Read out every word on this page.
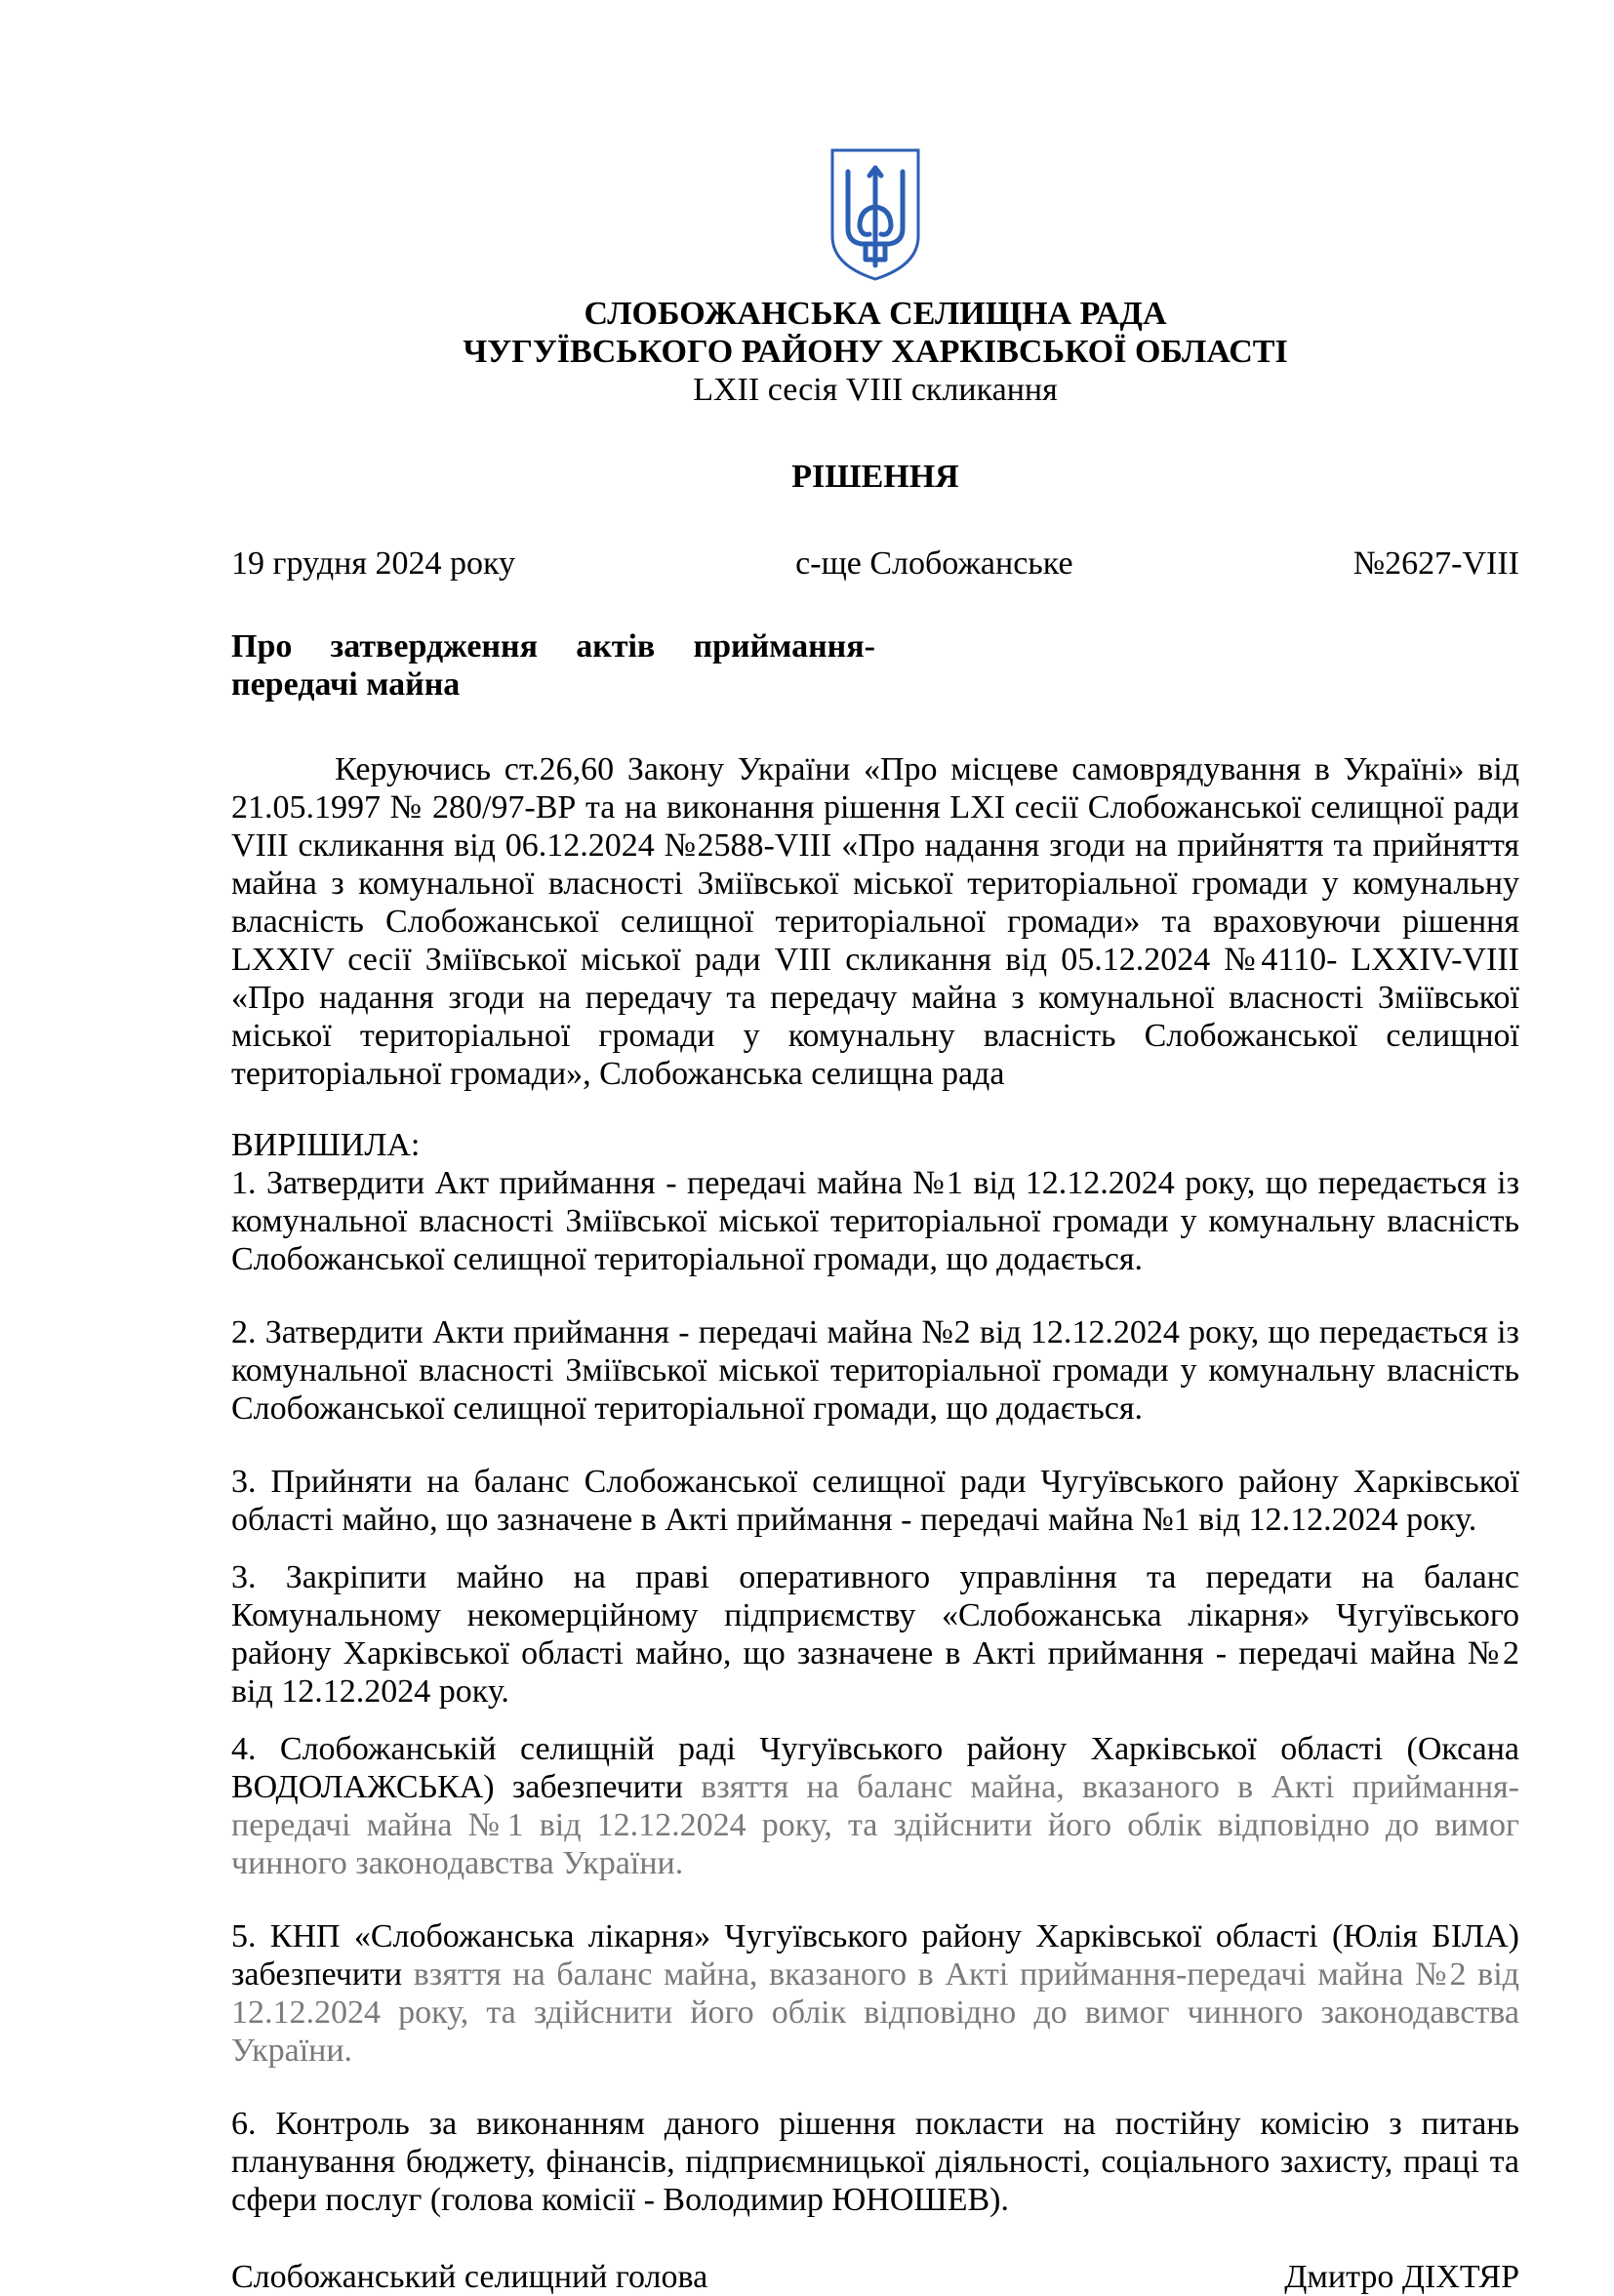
СЛОБОЖАНСЬКА СЕЛИЩНА РАДА

ЧУГУЇВСЬКОГО РАЙОНУ ХАРКІВСЬКОЇ ОБЛАСТІ

LXII сесія VIII скликання

РІШЕННЯ

19 грудня 2024 року	с-ще Слобожанське	№2627-VIII
Про затвердження актів приймання-
передачі майна

Керуючись ст.26,60 Закону України «Про місцеве самоврядування в Україні» від 21.05.1997 № 280/97-ВР та на виконання рішення LXI сесії Слобожанської селищної ради VIII скликання від 06.12.2024 №2588-VIII «Про надання згоди на прийняття та прийняття майна з комунальної власності Зміївської міської територіальної громади у комунальну власність Слобожанської селищної територіальної громади» та враховуючи рішення LXXIV сесії Зміївської міської ради VIII скликання від 05.12.2024 №4110- LXXIV-VIII «Про надання згоди на передачу та передачу майна з комунальної власності Зміївської міської територіальної громади у комунальну власність Слобожанської селищної територіальної громади», Слобожанська селищна рада

ВИРІШИЛА:

1. Затвердити Акт приймання - передачі майна №1 від 12.12.2024 року, що передається із комунальної власності Зміївської міської територіальної громади у комунальну власність Слобожанської селищної територіальної громади, що додається.

2. Затвердити Акти приймання - передачі майна №2 від 12.12.2024 року, що передається із комунальної власності Зміївської міської територіальної громади у комунальну власність Слобожанської селищної територіальної громади, що додається.

3. Прийняти на баланс Слобожанської селищної ради Чугуївського району Харківської області майно, що зазначене в Акті приймання - передачі майна №1 від 12.12.2024 року.

3. Закріпити майно на праві оперативного управління та передати на баланс Комунальному некомерційному підприємству «Слобожанська лікарня» Чугуївського району Харківської області майно, що зазначене в Акті приймання - передачі майна №2 від 12.12.2024 року.

4. Слобожанській селищній раді Чугуївського району Харківської області (Оксана ВОДОЛАЖСЬКА) забезпечити взяття на баланс майна, вказаного в Акті приймання-передачі майна №1 від 12.12.2024 року, та здійснити його облік відповідно до вимог чинного законодавства України.

5. КНП «Слобожанська лікарня» Чугуївського району Харківської області (Юлія БІЛА) забезпечити взяття на баланс майна, вказаного в Акті приймання-передачі майна №2 від 12.12.2024 року, та здійснити його облік відповідно до вимог чинного законодавства України.

6. Контроль за виконанням даного рішення покласти на постійну комісію з питань планування бюджету, фінансів, підприємницької діяльності, соціального захисту, праці та сфери послуг (голова комісії - Володимир ЮНОШЕВ).

Слобожанський селищний голова	Дмитро ДІХТЯР
